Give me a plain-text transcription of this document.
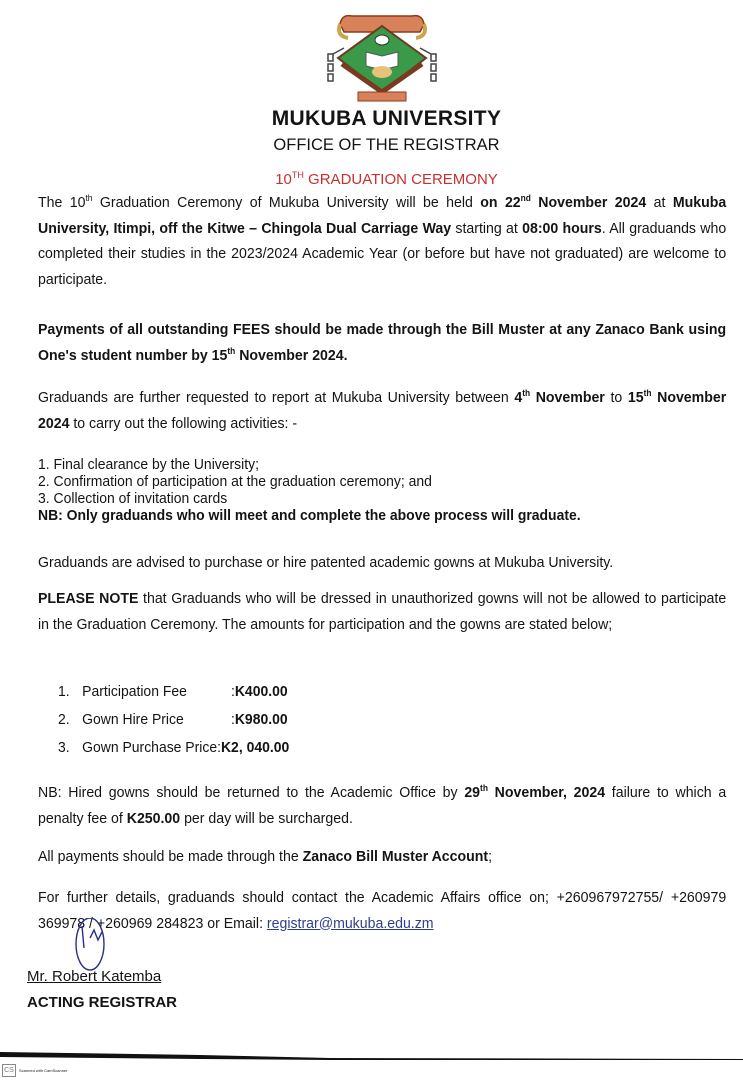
MUKUBA UNIVERSITY
OFFICE OF THE REGISTRAR
10TH GRADUATION CEREMONY
The 10th Graduation Ceremony of Mukuba University will be held on 22nd November 2024 at Mukuba University, Itimpi, off the Kitwe – Chingola Dual Carriage Way starting at 08:00 hours. All graduands who completed their studies in the 2023/2024 Academic Year (or before but have not graduated) are welcome to participate.
Payments of all outstanding FEES should be made through the Bill Muster at any Zanaco Bank using One's student number by 15th November 2024.
Graduands are further requested to report at Mukuba University between 4th November to 15th November 2024 to carry out the following activities: -
1. Final clearance by the University;
2. Confirmation of participation at the graduation ceremony; and
3. Collection of invitation cards
NB: Only graduands who will meet and complete the above process will graduate.
Graduands are advised to purchase or hire patented academic gowns at Mukuba University.
PLEASE NOTE that Graduands who will be dressed in unauthorized gowns will not be allowed to participate in the Graduation Ceremony. The amounts for participation and the gowns are stated below;
1. Participation Fee	: K400.00
2. Gown Hire Price	: K980.00
3. Gown Purchase Price : K2, 040.00
NB: Hired gowns should be returned to the Academic Office by 29th November, 2024 failure to which a penalty fee of K250.00 per day will be surcharged.
All payments should be made through the Zanaco Bill Muster Account;
For further details, graduands should contact the Academic Affairs office on; +260967972755/ +260979 369978 / +260969 284823 or Email: registrar@mukuba.edu.zm
Mr. Robert Katemba
ACTING REGISTRAR
CS	Scanned with CamScanner
